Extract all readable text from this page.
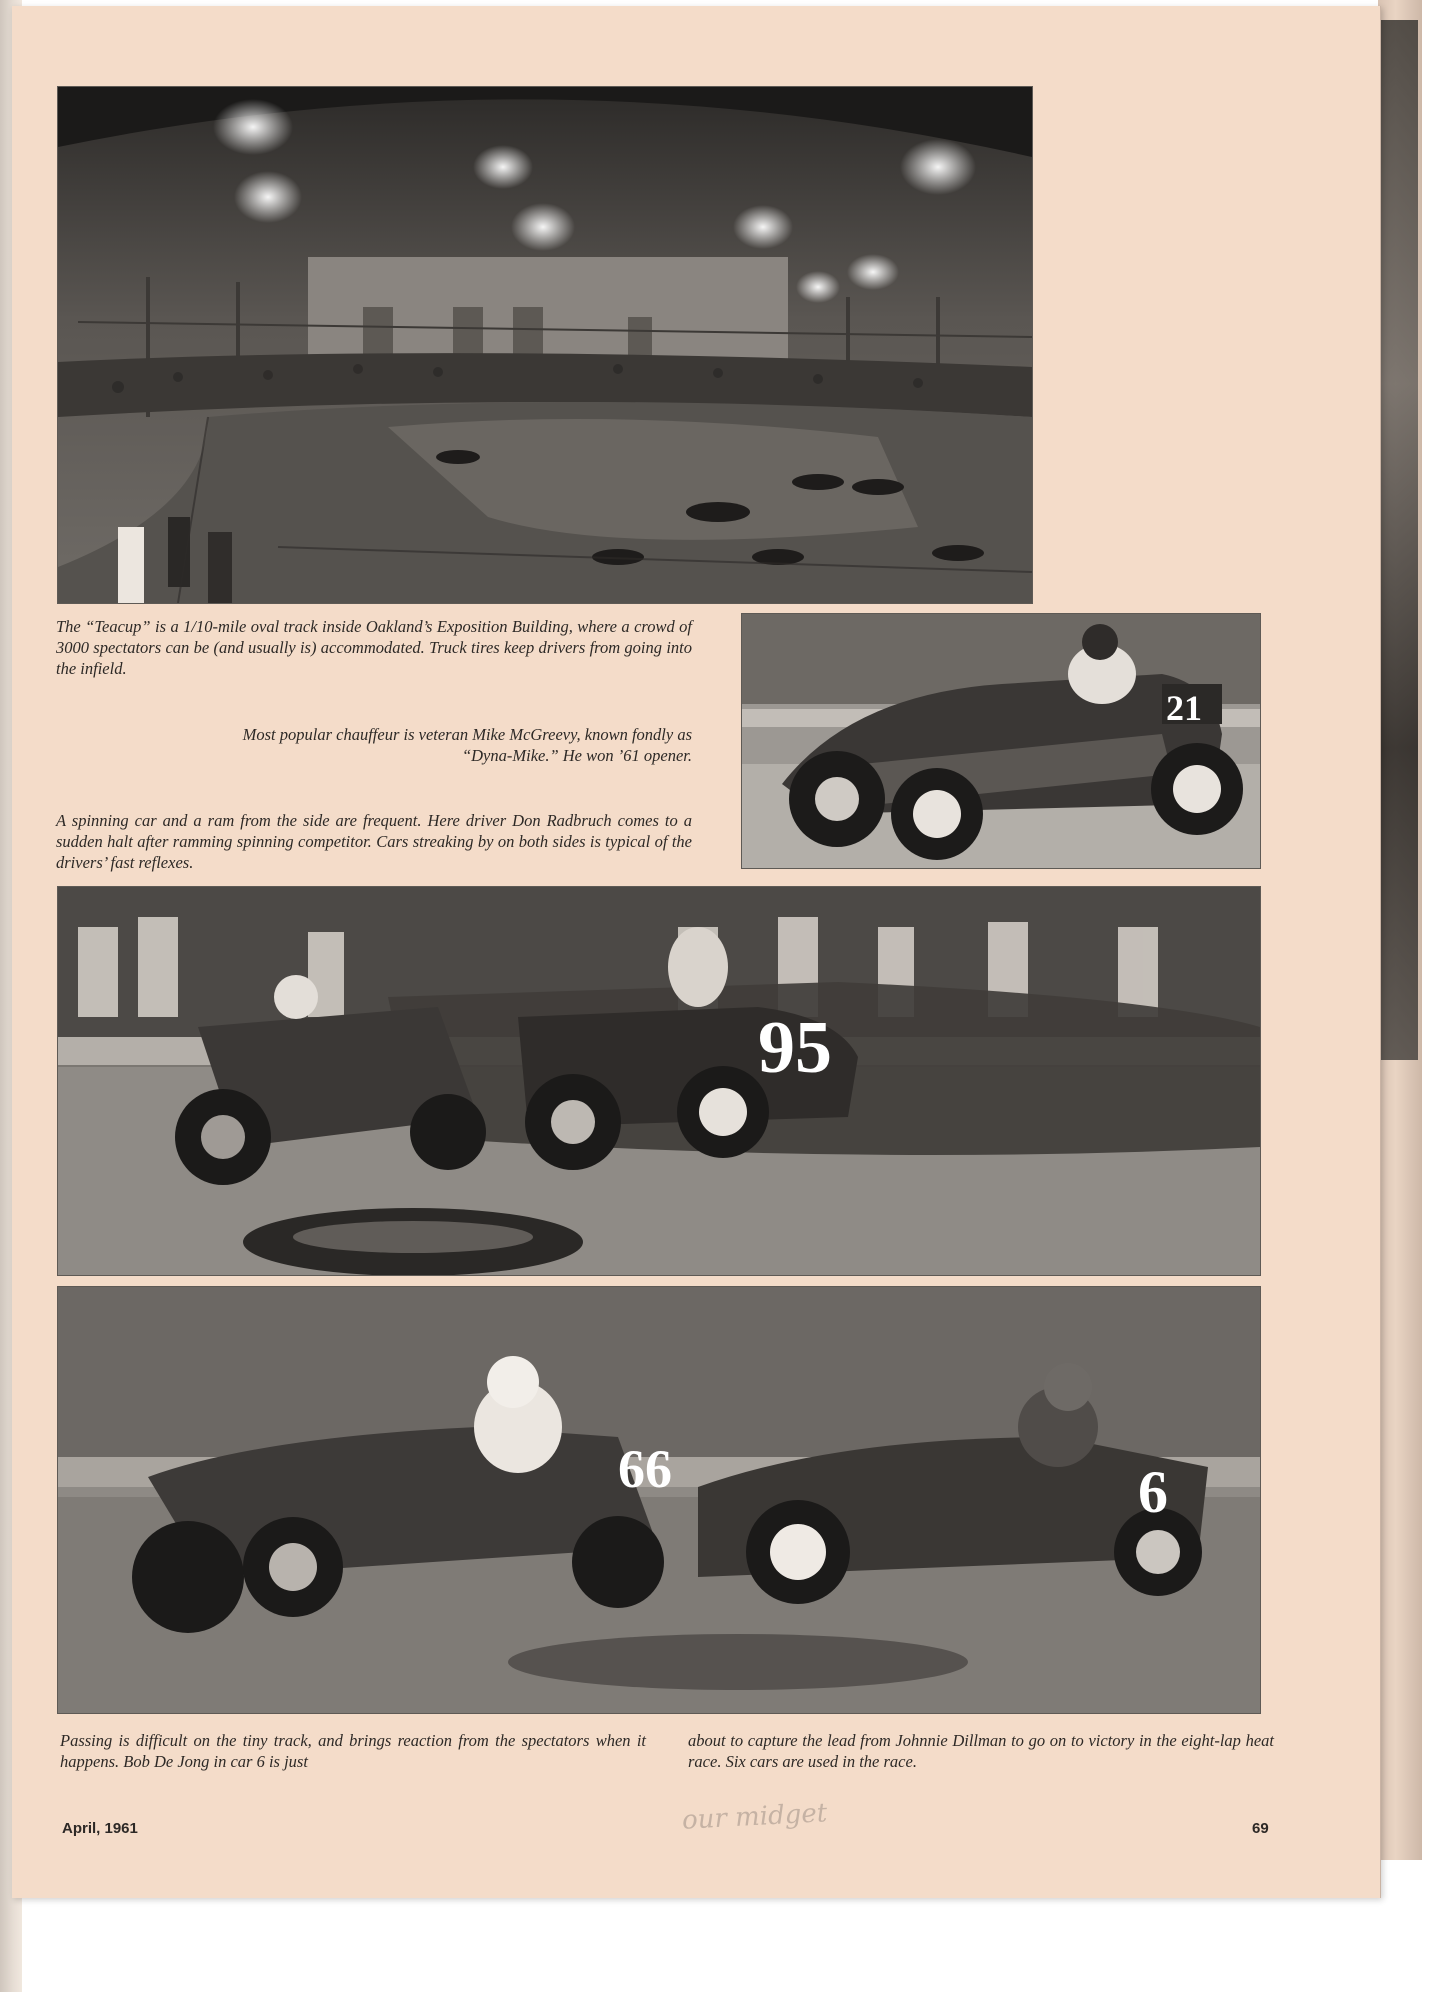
The “Teacup” is a 1/10-mile oval track inside Oakland’s Exposition Building, where a crowd of 3000 spectators can be (and usually is) accommodated. Truck tires keep drivers from going into the infield.

Most popular chauffeur is veteran Mike McGreevy, known fondly as “Dyna-Mike.” He won ’61 opener.

21

A spinning car and a ram from the side are frequent. Here driver Don Radbruch comes to a sudden halt after ramming spinning competitor. Cars streaking by on both sides is typical of the drivers’ fast reflexes.

95
66	6

Passing is difficult on the tiny track, and brings reaction from the spectators when it happens. Bob De Jong in car 6 is just

about to capture the lead from Johnnie Dillman to go on to victory in the eight-lap heat race. Six cars are used in the race.

our midget

April, 1961	69
